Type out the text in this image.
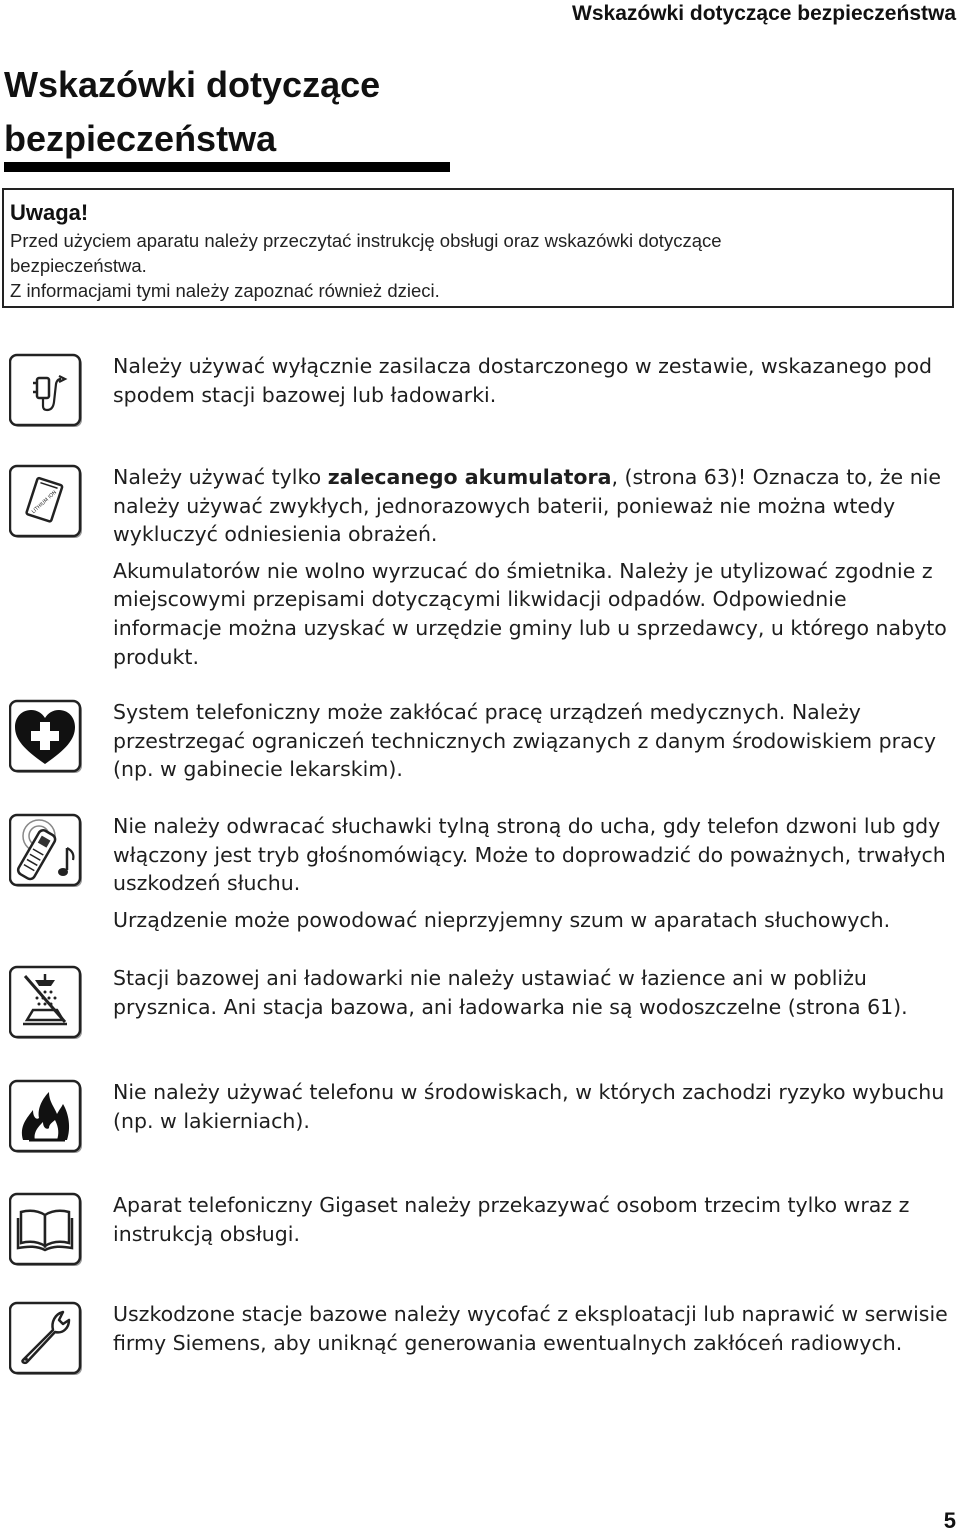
Wskazówki dotyczące bezpieczeństwa
Wskazówki dotyczące bezpieczeństwa
Uwaga!
Przed użyciem aparatu należy przeczytać instrukcję obsługi oraz wskazówki dotyczące
bezpieczeństwa.
Z informacjami tymi należy zapoznać również dzieci.

Należy używać wyłącznie zasilacza dostarczonego w zestawie, wskazanego pod spodem stacji bazowej lub ładowarki.

LITHIUM ION

Należy używać tylko zalecanego akumulatora, (strona 63)! Oznacza to, że nie należy używać zwykłych, jednorazowych baterii, ponieważ nie można wtedy wykluczyć odniesienia obrażeń.

Akumulatorów nie wolno wyrzucać do śmietnika. Należy je utylizować zgodnie z miejscowymi przepisami dotyczącymi likwidacji odpadów. Odpowiednie informacje można uzyskać w urzędzie gminy lub u sprzedawcy, u którego nabyto produkt.

System telefoniczny może zakłócać pracę urządzeń medycznych. Należy przestrzegać ograniczeń technicznych związanych z danym środowiskiem pracy (np. w gabinecie lekarskim).

Nie należy odwracać słuchawki tylną stroną do ucha, gdy telefon dzwoni lub gdy włączony jest tryb głośnomówiący. Może to doprowadzić do poważnych, trwałych uszkodzeń słuchu.

Urządzenie może powodować nieprzyjemny szum w aparatach słuchowych.

Stacji bazowej ani ładowarki nie należy ustawiać w łazience ani w pobliżu prysznica. Ani stacja bazowa, ani ładowarka nie są wodoszczelne (strona 61).

Nie należy używać telefonu w środowiskach, w których zachodzi ryzyko wybuchu (np. w lakierniach).

Aparat telefoniczny Gigaset należy przekazywać osobom trzecim tylko wraz z instrukcją obsługi.

Uszkodzone stacje bazowe należy wycofać z eksploatacji lub naprawić w serwisie firmy Siemens, aby uniknąć generowania ewentualnych zakłóceń radiowych.

5
